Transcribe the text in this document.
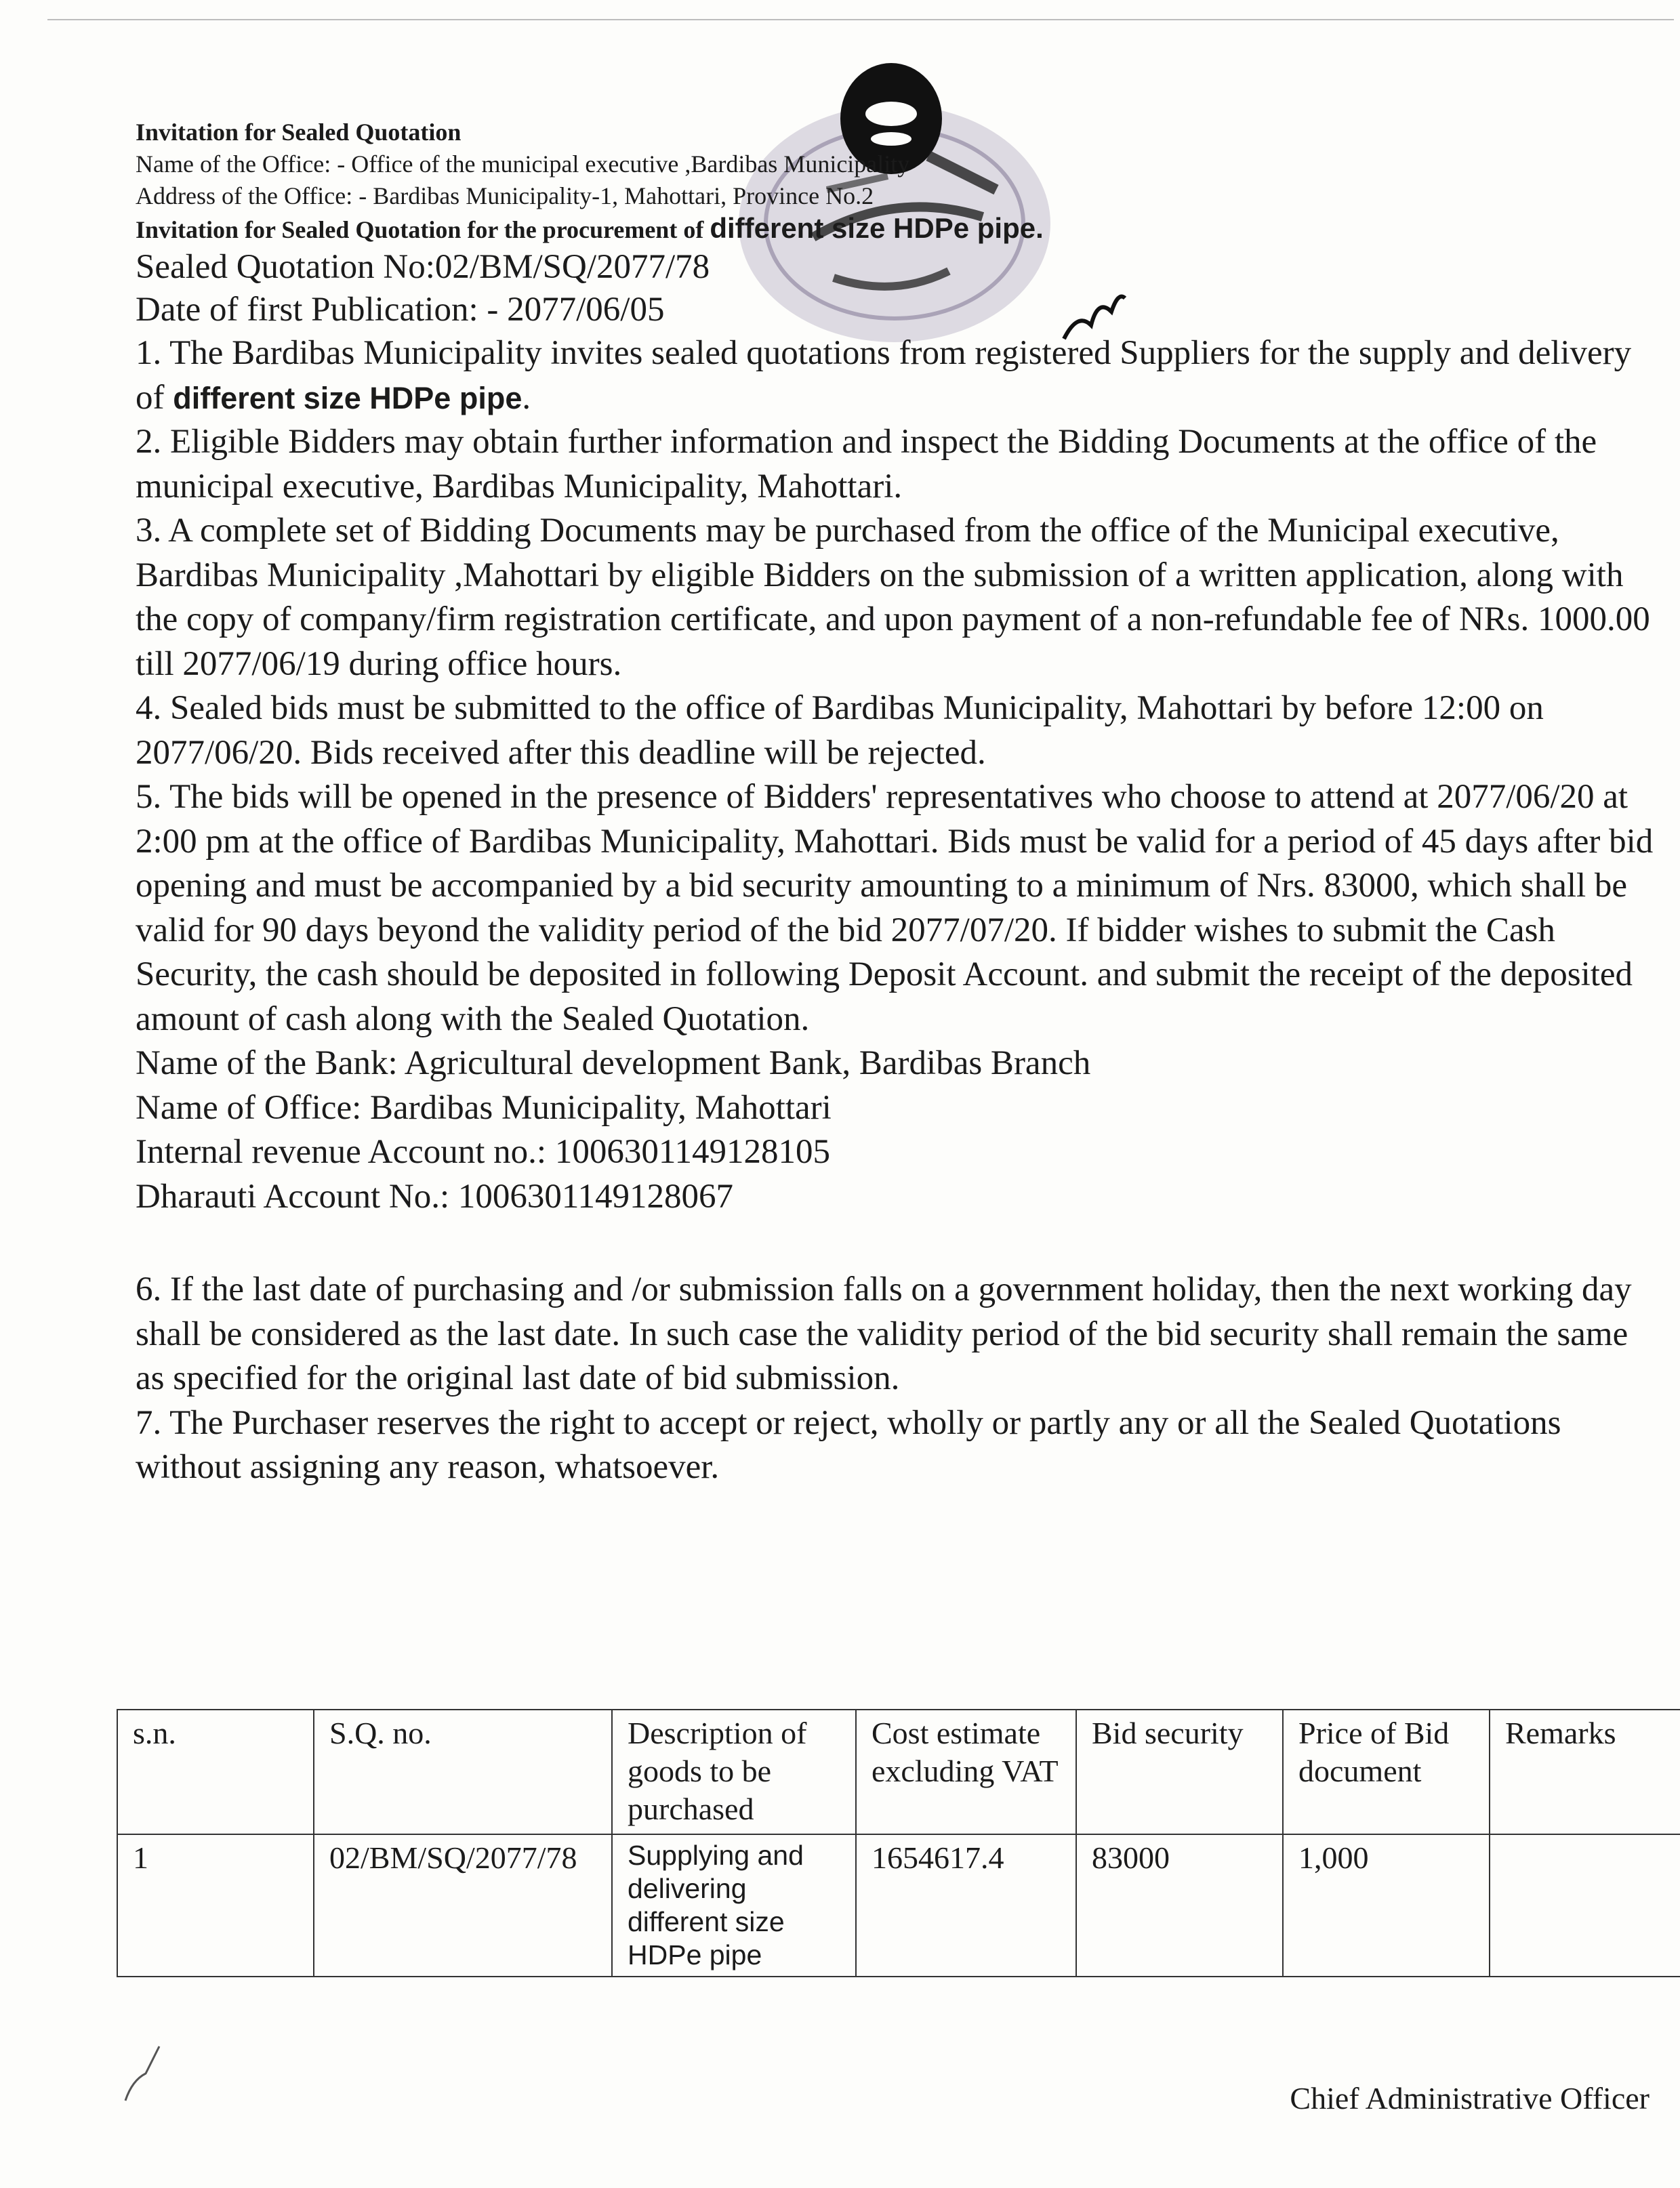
Invitation for Sealed Quotation
Name of the Office: - Office of the municipal executive ,Bardibas Municipality
Address of the Office: - Bardibas Municipality-1, Mahottari, Province No.2
Invitation for Sealed Quotation for the procurement of different size HDPe pipe.
Sealed Quotation No:02/BM/SQ/2077/78
Date of first Publication: - 2077/06/05

1. The Bardibas Municipality invites sealed quotations from registered Suppliers for the supply and delivery of different size HDPe pipe.

2. Eligible Bidders may obtain further information and inspect the Bidding Documents at the office of the municipal executive, Bardibas Municipality, Mahottari.

3. A complete set of Bidding Documents may be purchased from the office of the Municipal executive, Bardibas Municipality ,Mahottari by eligible Bidders on the submission of a written application, along with the copy of company/firm registration certificate, and upon payment of a non-refundable fee of NRs. 1000.00 till 2077/06/19 during office hours.

4. Sealed bids must be submitted to the office of Bardibas Municipality, Mahottari by before 12:00 on 2077/06/20. Bids received after this deadline will be rejected.

5. The bids will be opened in the presence of Bidders' representatives who choose to attend at 2077/06/20 at 2:00 pm at the office of Bardibas Municipality, Mahottari. Bids must be valid for a period of 45 days after bid opening and must be accompanied by a bid security amounting to a minimum of Nrs. 83000, which shall be valid for 90 days beyond the validity period of the bid 2077/07/20. If bidder wishes to submit the Cash Security, the cash should be deposited in following Deposit Account. and submit the receipt of the deposited amount of cash along with the Sealed Quotation.

Name of the Bank: Agricultural development Bank, Bardibas Branch
Name of Office: Bardibas Municipality, Mahottari
Internal revenue Account no.: 1006301149128105
Dharauti Account No.: 1006301149128067

6. If the last date of purchasing and /or submission falls on a government holiday, then the next working day shall be considered as the last date. In such case the validity period of the bid security shall remain the same as specified for the original last date of bid submission.

7. The Purchaser reserves the right to accept or reject, wholly or partly any or all the Sealed Quotations without assigning any reason, whatsoever.

s.n.	S.Q. no.	Description of goods to be purchased	Cost estimate excluding VAT	Bid security	Price of Bid document	Remarks
1	02/BM/SQ/2077/78	Supplying and delivering different size HDPe pipe	1654617.4	83000	1,000	
Chief Administrative Officer
